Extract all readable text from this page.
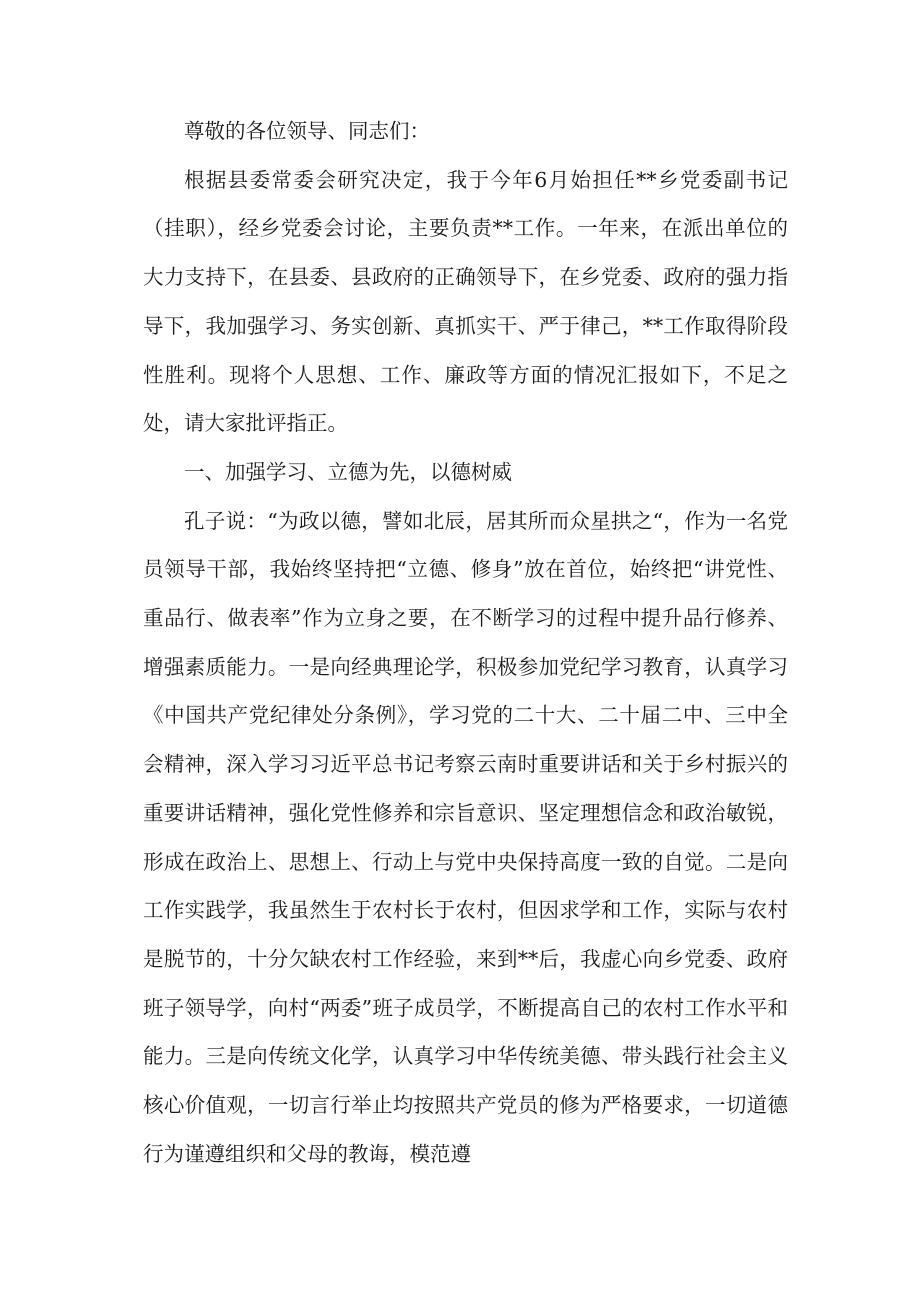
尊敬的各位领导、同志们：

根据县委常委会研究决定，我于今年6月始担任**乡党委副书记（挂职），经乡党委会讨论，主要负责**工作。一年来，在派出单位的大力支持下，在县委、县政府的正确领导下，在乡党委、政府的强力指导下，我加强学习、务实创新、真抓实干、严于律己，**工作取得阶段性胜利。现将个人思想、工作、廉政等方面的情况汇报如下，不足之处，请大家批评指正。

一、加强学习、立德为先，以德树威

孔子说：“为政以德，譬如北辰，居其所而众星拱之“，作为一名党员领导干部，我始终坚持把“立德、修身”放在首位，始终把“讲党性、重品行、做表率”作为立身之要，在不断学习的过程中提升品行修养、增强素质能力。一是向经典理论学，积极参加党纪学习教育，认真学习《中国共产党纪律处分条例》，学习党的二十大、二十届二中、三中全会精神，深入学习习近平总书记考察云南时重要讲话和关于乡村振兴的重要讲话精神，强化党性修养和宗旨意识、坚定理想信念和政治敏锐，形成在政治上、思想上、行动上与党中央保持高度一致的自觉。二是向工作实践学，我虽然生于农村长于农村，但因求学和工作，实际与农村是脱节的，十分欠缺农村工作经验，来到**后，我虚心向乡党委、政府班子领导学，向村“两委”班子成员学，不断提高自己的农村工作水平和能力。三是向传统文化学，认真学习中华传统美德、带头践行社会主义核心价值观，一切言行举止均按照共产党员的修为严格要求，一切道德行为谨遵组织和父母的教诲，模范遵
